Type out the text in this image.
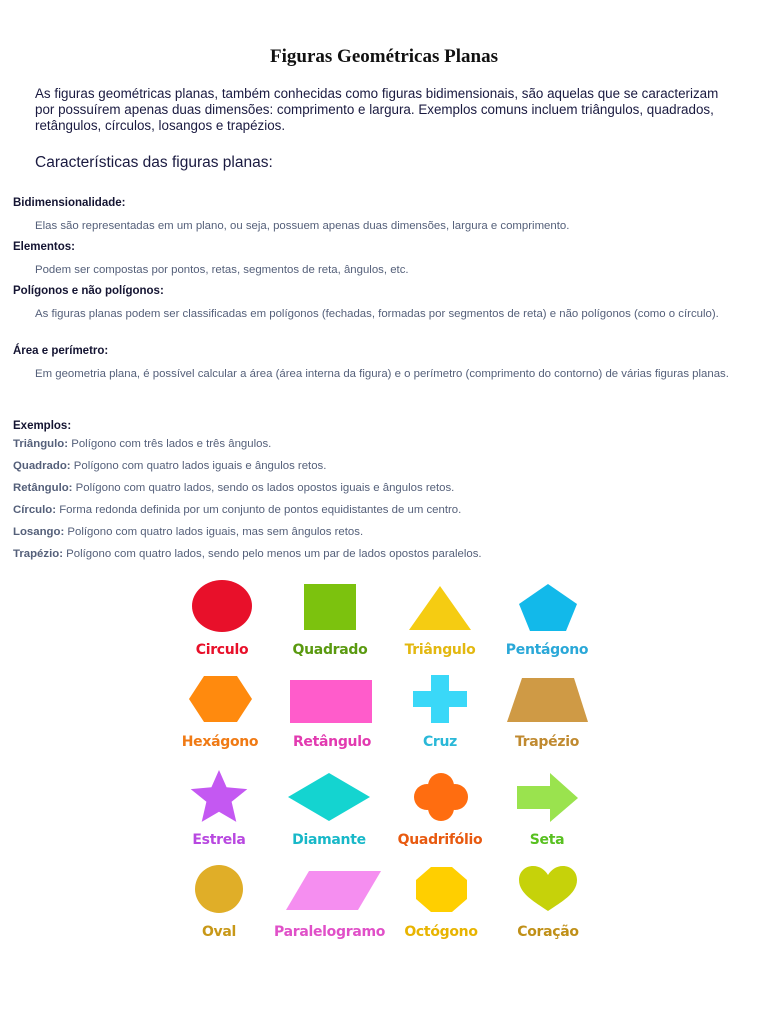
Figuras Geométricas Planas
As figuras geométricas planas, também conhecidas como figuras bidimensionais, são aquelas que se caracterizam por possuírem apenas duas dimensões: comprimento e largura. Exemplos comuns incluem triângulos, quadrados, retângulos, círculos, losangos e trapézios.
Características das figuras planas:
Bidimensionalidade:
Elas são representadas em um plano, ou seja, possuem apenas duas dimensões, largura e comprimento.
Elementos:
Podem ser compostas por pontos, retas, segmentos de reta, ângulos, etc.
Polígonos e não polígonos:
As figuras planas podem ser classificadas em polígonos (fechadas, formadas por segmentos de reta) e não polígonos (como o círculo).
Área e perímetro:
Em geometria plana, é possível calcular a área (área interna da figura) e o perímetro (comprimento do contorno) de várias figuras planas.
Exemplos:
Triângulo: Polígono com três lados e três ângulos.
Quadrado: Polígono com quatro lados iguais e ângulos retos.
Retângulo: Polígono com quatro lados, sendo os lados opostos iguais e ângulos retos.
Círculo: Forma redonda definida por um conjunto de pontos equidistantes de um centro.
Losango: Polígono com quatro lados iguais, mas sem ângulos retos.
Trapézio: Polígono com quatro lados, sendo pelo menos um par de lados opostos paralelos.
Circulo	Quadrado	Triângulo	Pentágono
Hexágono	Retângulo	Cruz	Trapézio
Estrela	Diamante	Quadrifólio	Seta
Oval	Paralelogramo	Octógono	Coração
